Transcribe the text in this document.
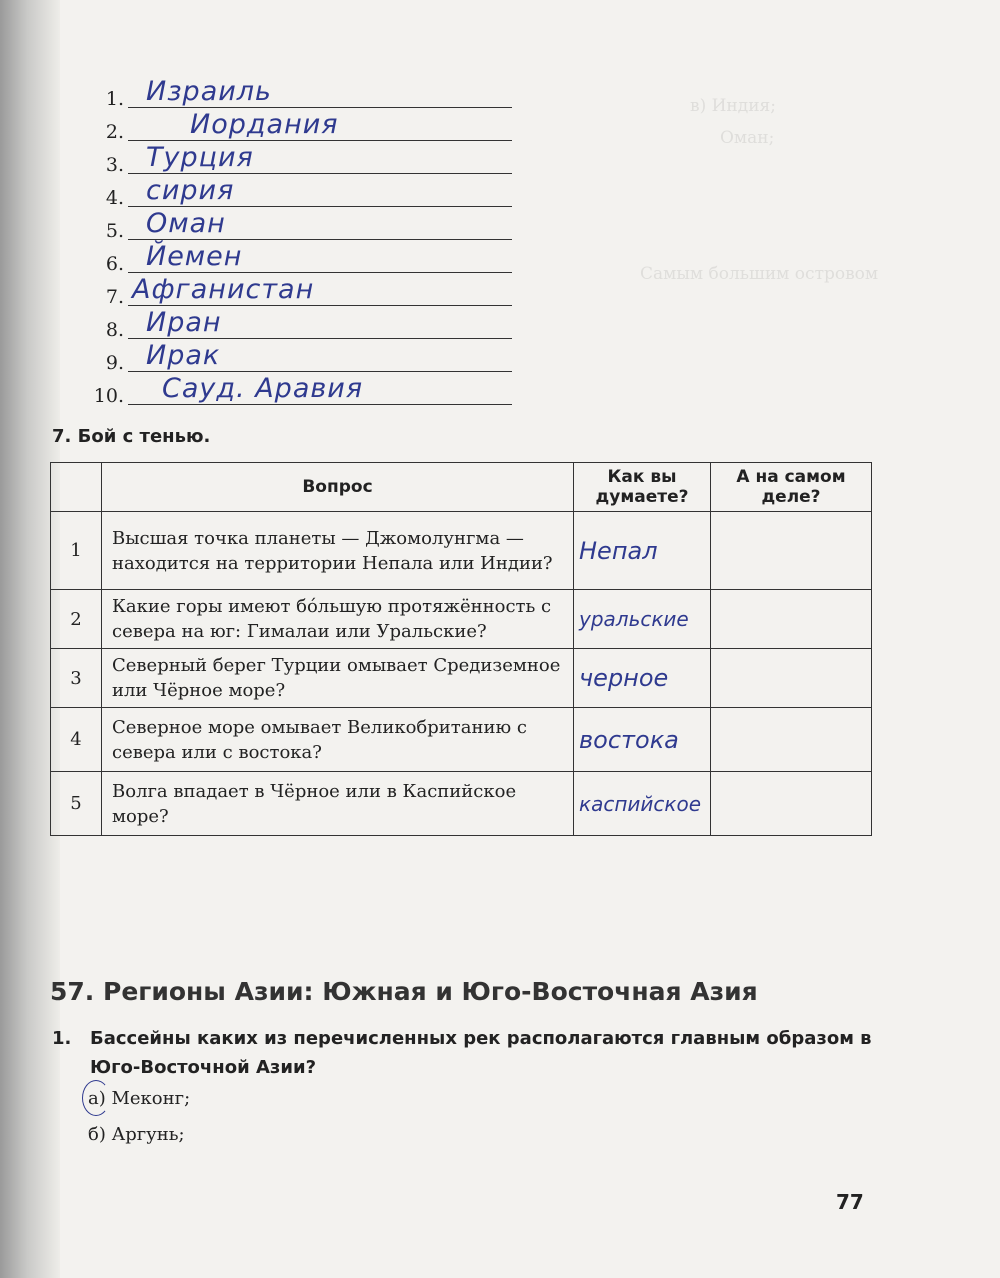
в) Индия;
Оман;
Самым большим островом
1. Израиль
2. Иордания
3. Турция
4. сирия
5. Оман
6. Йемен
7. Афганистан
8. Иран
9. Ирак
10. Сауд. Аравия
7. Бой с тенью.
	Вопрос	Как вы думаете?	А на самом деле?
1	Высшая точка планеты — Джомолунгма — находится на территории Непала или Индии?	Непал	
2	Какие горы имеют бо́льшую протяжённость с севера на юг: Гималаи или Уральские?	уральские	
3	Северный берег Турции омывает Средиземное или Чёрное море?	черное	
4	Северное море омывает Великобританию с севера или с востока?	востока	
5	Волга впадает в Чёрное или в Каспийское море?	каспийское	
57. Регионы Азии: Южная и Юго-Восточная Азия
1. Бассейны каких из перечисленных рек располагаются главным образом в Юго-Восточной Азии?
а) Меконг;
б) Аргунь;
77
